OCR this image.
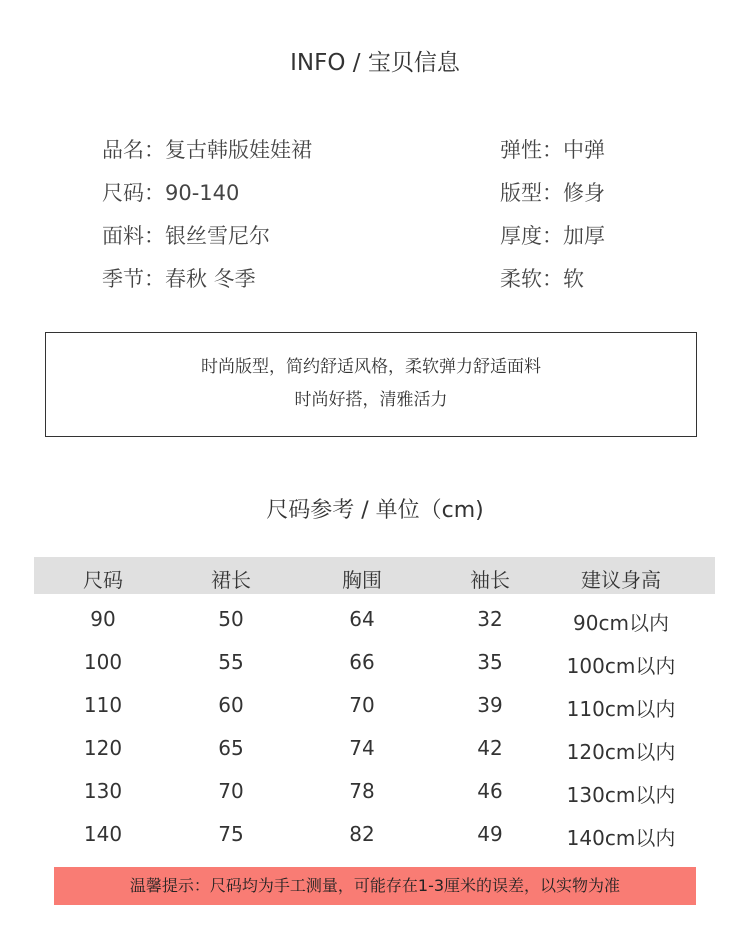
INFO / 宝贝信息
品名：复古韩版娃娃裙	弹性：中弹
尺码：90-140	版型：修身
面料：银丝雪尼尔	厚度：加厚
季节：春秋 冬季	柔软：软
时尚版型，简约舒适风格，柔软弹力舒适面料
时尚好搭，清雅活力
尺码参考 / 单位（cm)
尺码	裙长	胸围	袖长	建议身高
90	50	64	32	90cm以内
100	55	66	35	100cm以内
110	60	70	39	110cm以内
120	65	74	42	120cm以内
130	70	78	46	130cm以内
140	75	82	49	140cm以内
温馨提示：尺码均为手工测量，可能存在1-3厘米的误差，以实物为准
